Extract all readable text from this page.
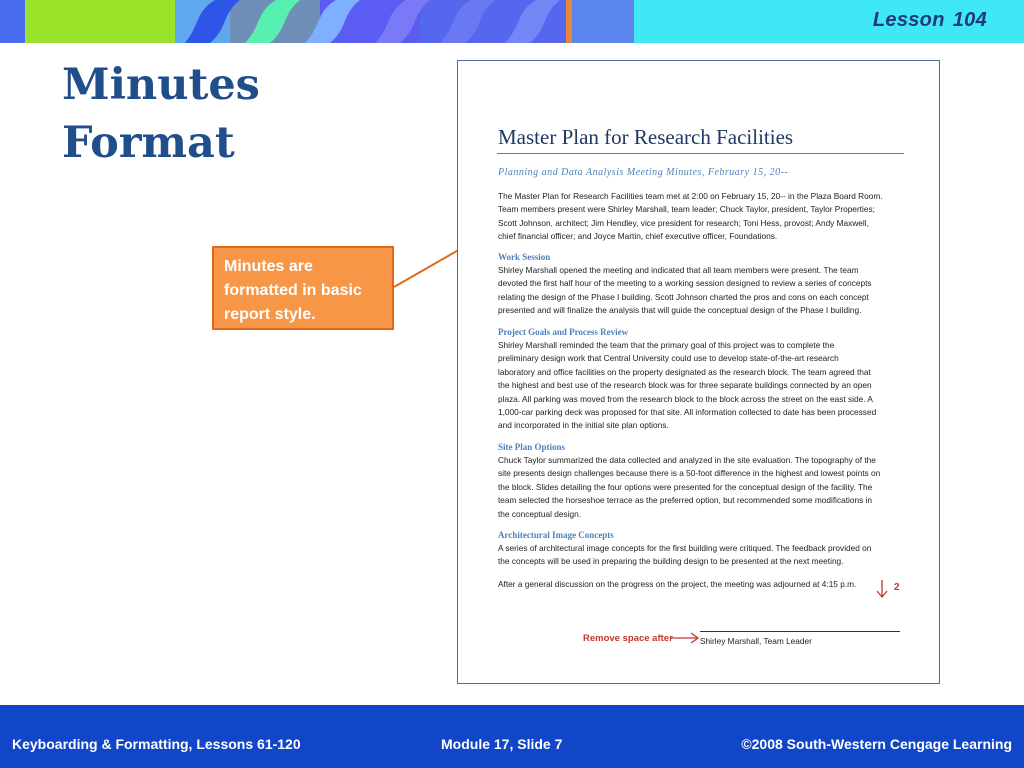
Lesson 104
Minutes
Format
Minutes are
formatted in basic
report style.
Master Plan for Research Facilities
Planning and Data Analysis Meeting Minutes, February 15, 20--
The Master Plan for Research Facilities team met at 2:00 on February 15, 20-- in the Plaza Board Room.
Team members present were Shirley Marshall, team leader; Chuck Taylor, president, Taylor Properties;
Scott Johnson, architect; Jim Hendley, vice president for research; Toni Hess, provost; Andy Maxwell,
chief financial officer; and Joyce Martin, chief executive officer, Foundations.
Work Session
Shirley Marshall opened the meeting and indicated that all team members were present. The team
devoted the first half hour of the meeting to a working session designed to review a series of concepts
relating the design of the Phase I building. Scott Johnson charted the pros and cons on each concept
presented and will finalize the analysis that will guide the conceptual design of the Phase I building.
Project Goals and Process Review
Shirley Marshall reminded the team that the primary goal of this project was to complete the
preliminary design work that Central University could use to develop state-of-the-art research
laboratory and office facilities on the property designated as the research block. The team agreed that
the highest and best use of the research block was for three separate buildings connected by an open
plaza. All parking was moved from the research block to the block across the street on the east side. A
1,000-car parking deck was proposed for that site. All information collected to date has been processed
and incorporated in the initial site plan options.
Site Plan Options
Chuck Taylor summarized the data collected and analyzed in the site evaluation. The topography of the
site presents design challenges because there is a 50-foot difference in the highest and lowest points on
the block. Slides detailing the four options were presented for the conceptual design of the facility. The
team selected the horseshoe terrace as the preferred option, but recommended some modifications in
the conceptual design.
Architectural Image Concepts
A series of architectural image concepts for the first building were critiqued. The feedback provided on
the concepts will be used in preparing the building design to be presented at the next meeting.
After a general discussion on the progress on the project, the meeting was adjourned at 4:15 p.m.	2
Remove space after	Shirley Marshall, Team Leader
Keyboarding & Formatting, Lessons 61-120	Module 17, Slide 7	©2008 South-Western Cengage Learning
